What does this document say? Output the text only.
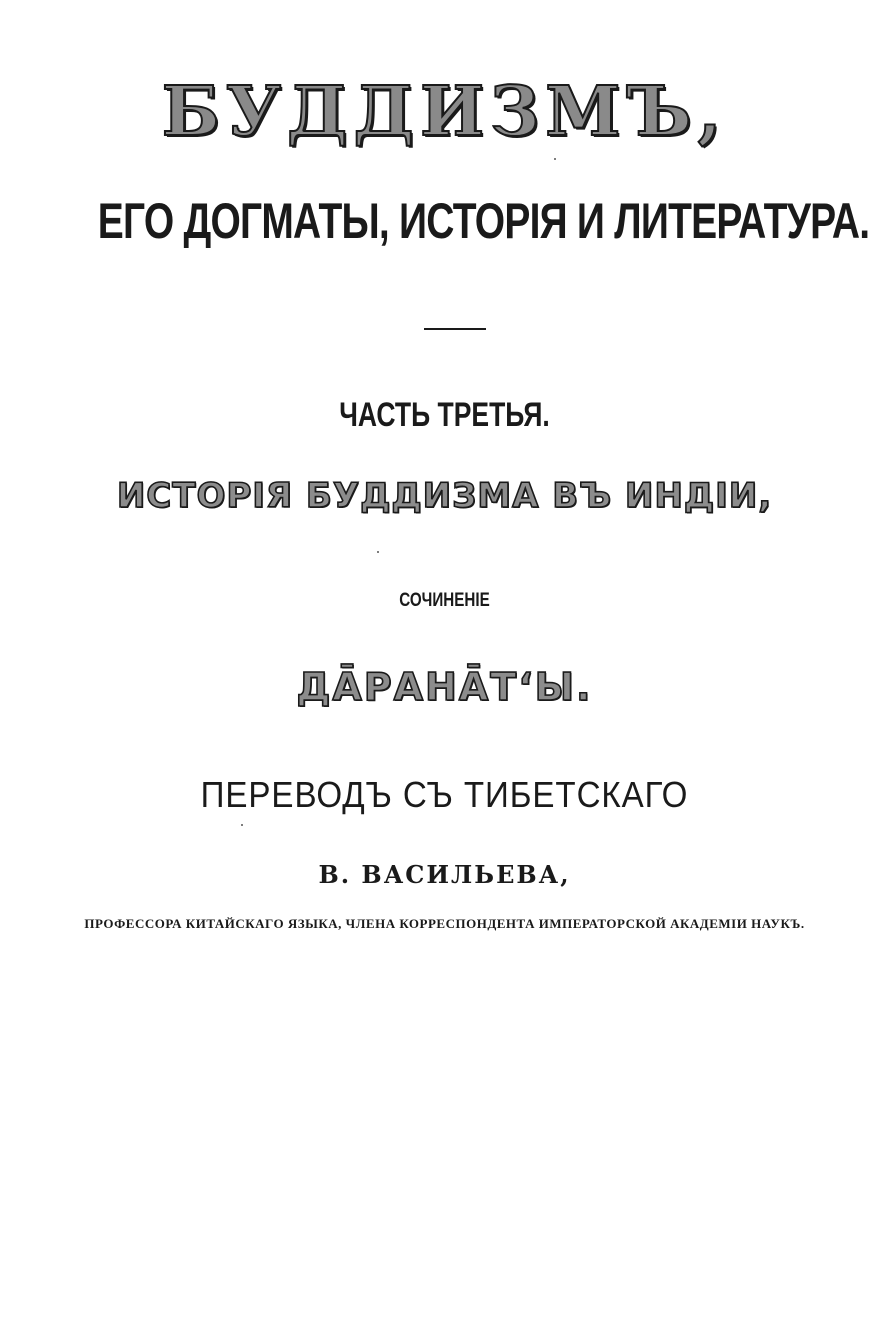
БУДДИЗМЪ,
ЕГО ДОГМАТЫ, ИСТОРІЯ И ЛИТЕРАТУРА.
ЧАСТЬ ТРЕТЬЯ.
ИСТОРІЯ БУДДИЗМА ВЪ ИНДІИ,
СОЧИНЕНІЕ
ДА̄РАНА̄Т‘Ы.
ПЕРЕВОДЪ СЪ ТИБЕТСКАГО
В. ВАСИЛЬЕВА,
ПРОФЕССОРА КИТАЙСКАГО ЯЗЫКА, ЧЛЕНА КОРРЕСПОНДЕНТА ИМПЕРАТОРСКОЙ АКАДЕМІИ НАУКЪ.
